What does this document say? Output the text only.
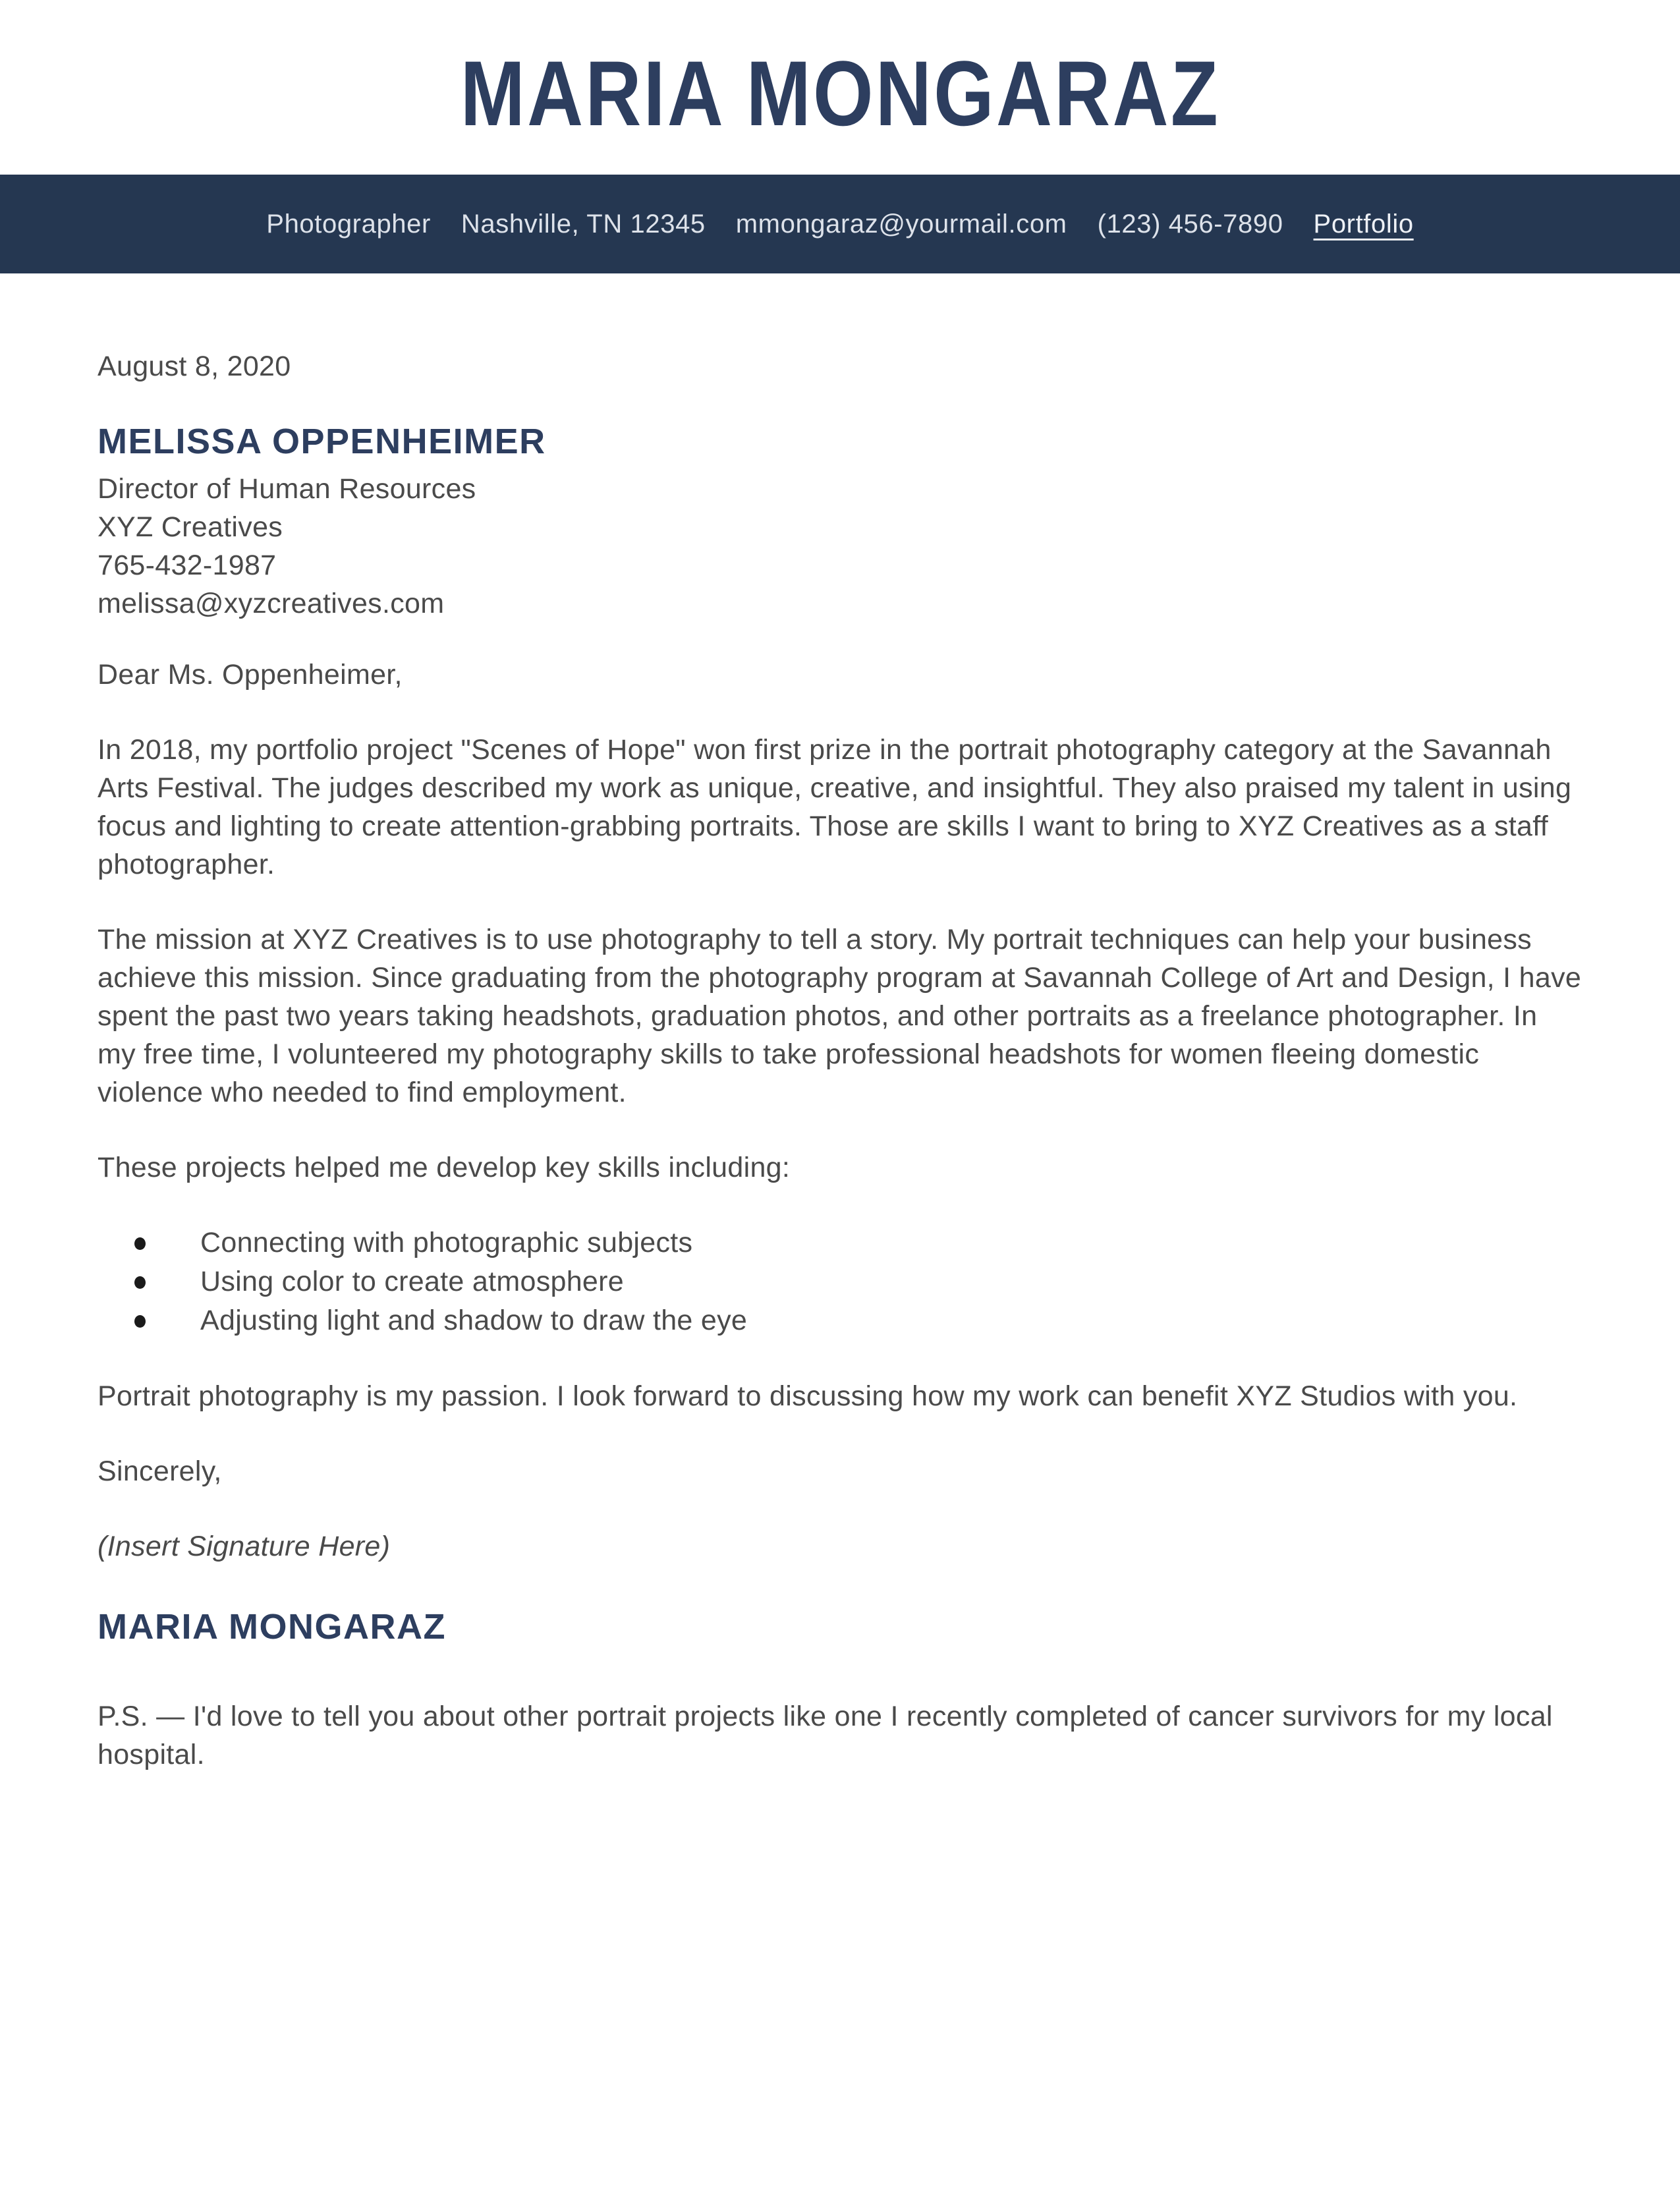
MARIA MONGARAZ
Photographer Nashville, TN 12345 mmongaraz@yourmail.com (123) 456-7890 Portfolio
August 8, 2020
MELISSA OPPENHEIMER
Director of Human Resources
XYZ Creatives
765-432-1987
melissa@xyzcreatives.com

Dear Ms. Oppenheimer,

In 2018, my portfolio project "Scenes of Hope" won first prize in the portrait photography category at the Savannah Arts Festival. The judges described my work as unique, creative, and insightful. They also praised my talent in using focus and lighting to create attention-grabbing portraits. Those are skills I want to bring to XYZ Creatives as a staff photographer.

The mission at XYZ Creatives is to use photography to tell a story. My portrait techniques can help your business achieve this mission. Since graduating from the photography program at Savannah College of Art and Design, I have spent the past two years taking headshots, graduation photos, and other portraits as a freelance photographer. In my free time, I volunteered my photography skills to take professional headshots for women fleeing domestic violence who needed to find employment.

These projects helped me develop key skills including:

Connecting with photographic subjects
Using color to create atmosphere
Adjusting light and shadow to draw the eye

Portrait photography is my passion. I look forward to discussing how my work can benefit XYZ Studios with you.

Sincerely,

(Insert Signature Here)

MARIA MONGARAZ

P.S. — I'd love to tell you about other portrait projects like one I recently completed of cancer survivors for my local hospital.
